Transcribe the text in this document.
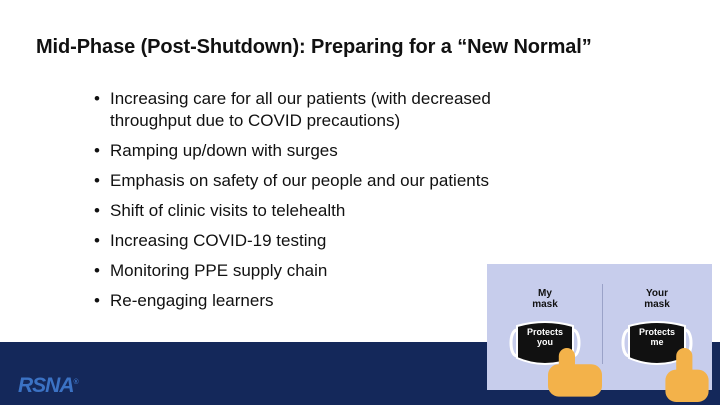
Mid-Phase (Post-Shutdown): Preparing for a “New Normal”
• Increasing care for all our patients (with decreased throughput due to COVID precautions)
• Ramping up/down with surges
• Emphasis on safety of our people and our patients
• Shift of clinic visits to telehealth
• Increasing COVID-19 testing
• Monitoring PPE supply chain
• Re-engaging learners
RSNA®
My
mask
Your
mask
Protects
you
Protects
me
